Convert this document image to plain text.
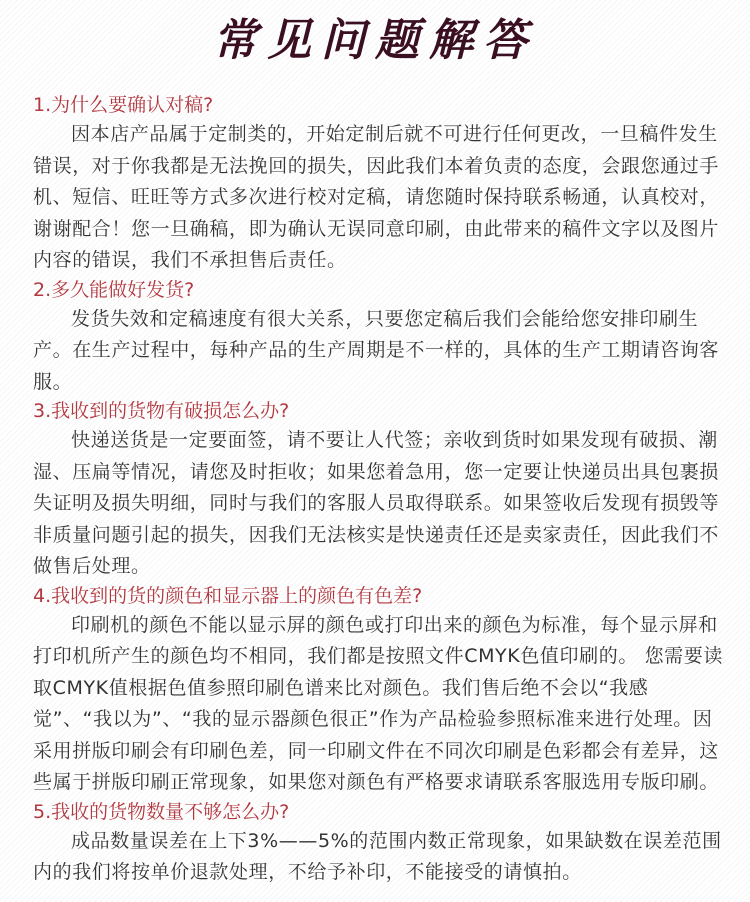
常见问题解答
1.为什么要确认对稿?

因本店产品属于定制类的，开始定制后就不可进行任何更改，一旦稿件发生错误，对于你我都是无法挽回的损失，因此我们本着负责的态度，会跟您通过手机、短信、旺旺等方式多次进行校对定稿，请您随时保持联系畅通，认真校对，谢谢配合！您一旦确稿，即为确认无误同意印刷，由此带来的稿件文字以及图片内容的错误，我们不承担售后责任。

2.多久能做好发货?

发货失效和定稿速度有很大关系，只要您定稿后我们会能给您安排印刷生产。在生产过程中，每种产品的生产周期是不一样的，具体的生产工期请咨询客服。

3.我收到的货物有破损怎么办?

快递送货是一定要面签，请不要让人代签；亲收到货时如果发现有破损、潮湿、压扁等情况，请您及时拒收；如果您着急用，您一定要让快递员出具包裹损失证明及损失明细，同时与我们的客服人员取得联系。如果签收后发现有损毁等非质量问题引起的损失，因我们无法核实是快递责任还是卖家责任，因此我们不做售后处理。

4.我收到的货的颜色和显示器上的颜色有色差?

印刷机的颜色不能以显示屏的颜色或打印出来的颜色为标准，每个显示屏和打印机所产生的颜色均不相同，我们都是按照文件CMYK色值印刷的。 您需要读取CMYK值根据色值参照印刷色谱来比对颜色。我们售后绝不会以“我感觉”、“我以为”、“我的显示器颜色很正”作为产品检验参照标准来进行处理。因采用拼版印刷会有印刷色差，同一印刷文件在不同次印刷是色彩都会有差异，这些属于拼版印刷正常现象，如果您对颜色有严格要求请联系客服选用专版印刷。

5.我收的货物数量不够怎么办?

成品数量误差在上下3%——5%的范围内数正常现象，如果缺数在误差范围内的我们将按单价退款处理，不给予补印，不能接受的请慎拍。
